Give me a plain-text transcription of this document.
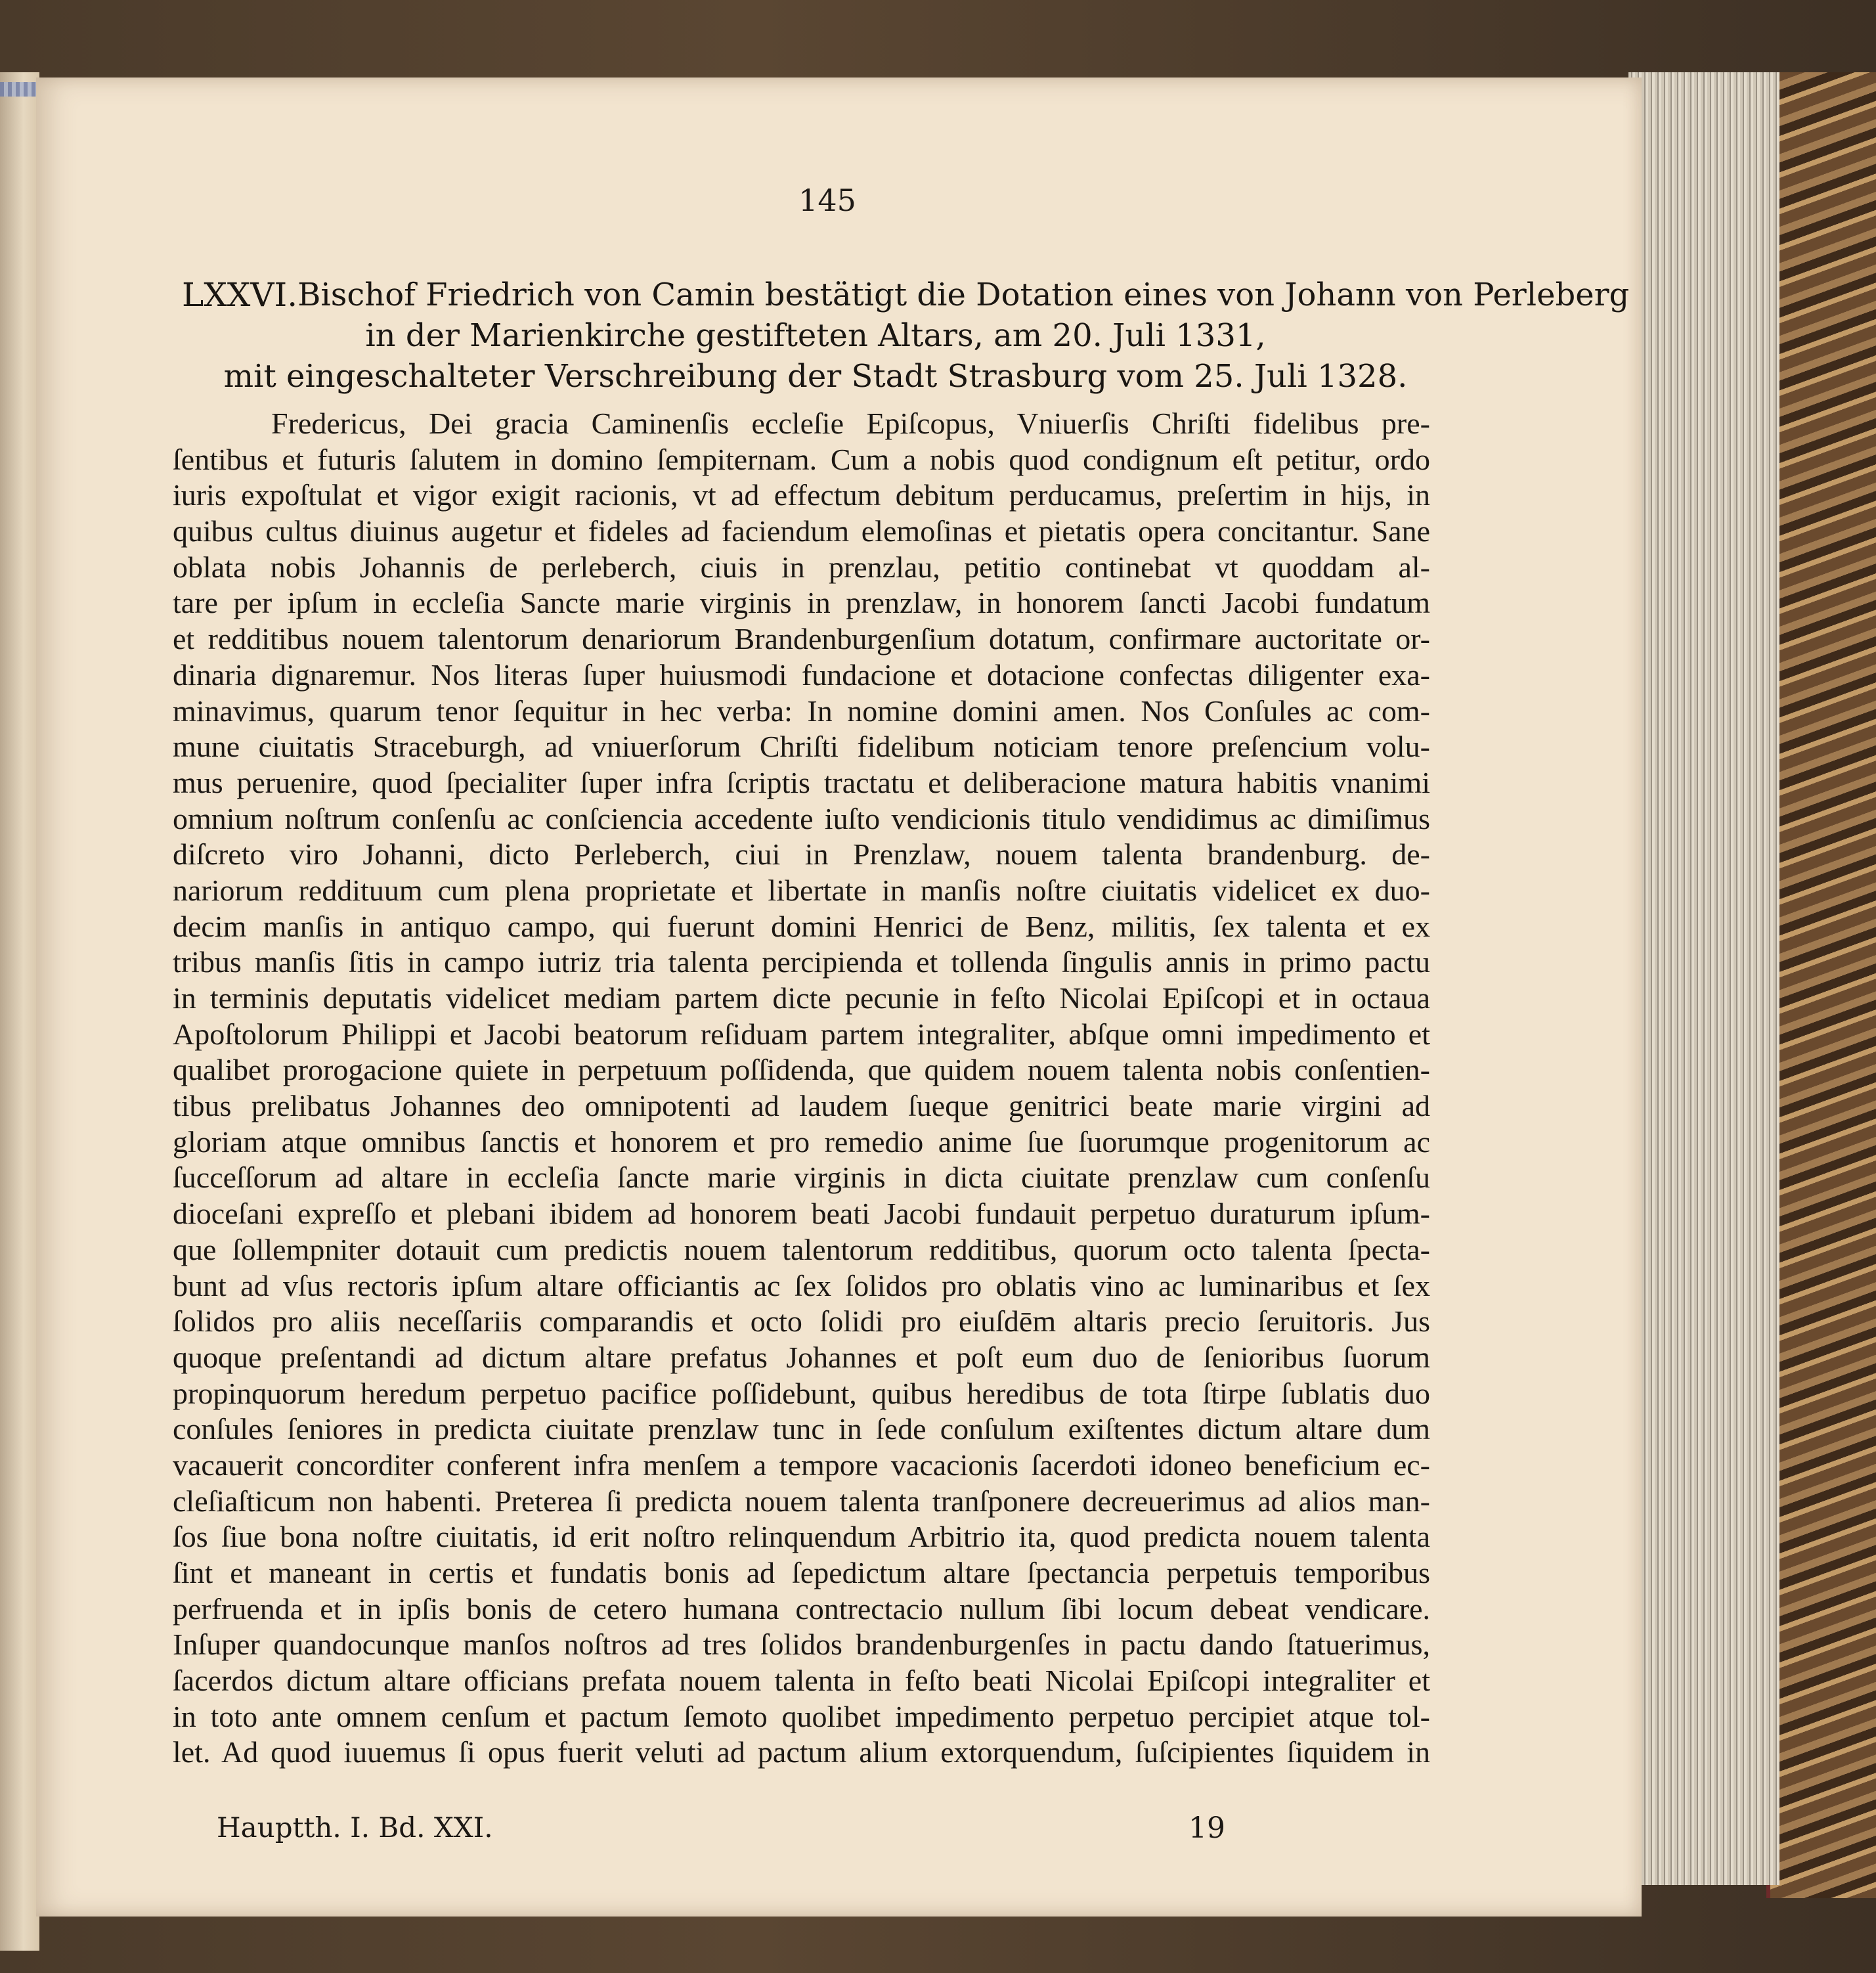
145
LXXVI. Bischof Friedrich von Camin bestätigt die Dotation eines von Johann von Perleberg
in der Marienkirche gestifteten Altars, am 20. Juli 1331,
mit eingeschalteter Verschreibung der Stadt Strasburg vom 25. Juli 1328.
Fredericus, Dei gracia Caminenſis eccleſie Epiſcopus, Vniuerſis Chriſti fidelibus pre-
ſentibus et futuris ſalutem in domino ſempiternam. Cum a nobis quod condignum eſt petitur, ordo
iuris expoſtulat et vigor exigit racionis, vt ad effectum debitum perducamus, preſertim in hijs, in
quibus cultus diuinus augetur et fideles ad faciendum elemoſinas et pietatis opera concitantur. Sane
oblata nobis Johannis de perleberch, ciuis in prenzlau, petitio continebat vt quoddam al-
tare per ipſum in eccleſia Sancte marie virginis in prenzlaw, in honorem ſancti Jacobi fundatum
et redditibus nouem talentorum denariorum Brandenburgenſium dotatum, confirmare auctoritate or-
dinaria dignaremur. Nos literas ſuper huiusmodi fundacione et dotacione confectas diligenter exa-
minavimus, quarum tenor ſequitur in hec verba: In nomine domini amen. Nos Conſules ac com-
mune ciuitatis Straceburgh, ad vniuerſorum Chriſti fidelibum noticiam tenore preſencium volu-
mus peruenire, quod ſpecialiter ſuper infra ſcriptis tractatu et deliberacione matura habitis vnanimi
omnium noſtrum conſenſu ac conſciencia accedente iuſto vendicionis titulo vendidimus ac dimiſimus
diſcreto viro Johanni, dicto Perleberch, ciui in Prenzlaw, nouem talenta brandenburg. de-
nariorum reddituum cum plena proprietate et libertate in manſis noſtre ciuitatis videlicet ex duo-
decim manſis in antiquo campo, qui fuerunt domini Henrici de Benz, militis, ſex talenta et ex
tribus manſis ſitis in campo iutriz tria talenta percipienda et tollenda ſingulis annis in primo pactu
in terminis deputatis videlicet mediam partem dicte pecunie in feſto Nicolai Epiſcopi et in octaua
Apoſtolorum Philippi et Jacobi beatorum reſiduam partem integraliter, abſque omni impedimento et
qualibet prorogacione quiete in perpetuum poſſidenda, que quidem nouem talenta nobis conſentien-
tibus prelibatus Johannes deo omnipotenti ad laudem ſueque genitrici beate marie virgini ad
gloriam atque omnibus ſanctis et honorem et pro remedio anime ſue ſuorumque progenitorum ac
ſucceſſorum ad altare in eccleſia ſancte marie virginis in dicta ciuitate prenzlaw cum conſenſu
dioceſani expreſſo et plebani ibidem ad honorem beati Jacobi fundauit perpetuo duraturum ipſum-
que ſollempniter dotauit cum predictis nouem talentorum redditibus, quorum octo talenta ſpecta-
bunt ad vſus rectoris ipſum altare officiantis ac ſex ſolidos pro oblatis vino ac luminaribus et ſex
ſolidos pro aliis neceſſariis comparandis et octo ſolidi pro eiuſdēm altaris precio ſeruitoris. Jus
quoque preſentandi ad dictum altare prefatus Johannes et poſt eum duo de ſenioribus ſuorum
propinquorum heredum perpetuo pacifice poſſidebunt, quibus heredibus de tota ſtirpe ſublatis duo
conſules ſeniores in predicta ciuitate prenzlaw tunc in ſede conſulum exiſtentes dictum altare dum
vacauerit concorditer conferent infra menſem a tempore vacacionis ſacerdoti idoneo beneficium ec-
cleſiaſticum non habenti. Preterea ſi predicta nouem talenta tranſponere decreuerimus ad alios man-
ſos ſiue bona noſtre ciuitatis, id erit noſtro relinquendum Arbitrio ita, quod predicta nouem talenta
ſint et maneant in certis et fundatis bonis ad ſepedictum altare ſpectancia perpetuis temporibus
perfruenda et in ipſis bonis de cetero humana contrectacio nullum ſibi locum debeat vendicare.
Inſuper quandocunque manſos noſtros ad tres ſolidos brandenburgenſes in pactu dando ſtatuerimus,
ſacerdos dictum altare officians prefata nouem talenta in feſto beati Nicolai Epiſcopi integraliter et
in toto ante omnem cenſum et pactum ſemoto quolibet impedimento perpetuo percipiet atque tol-
let. Ad quod iuuemus ſi opus fuerit veluti ad pactum alium extorquendum, ſuſcipientes ſiquidem in
Hauptth. I. Bd. XXI.	19
